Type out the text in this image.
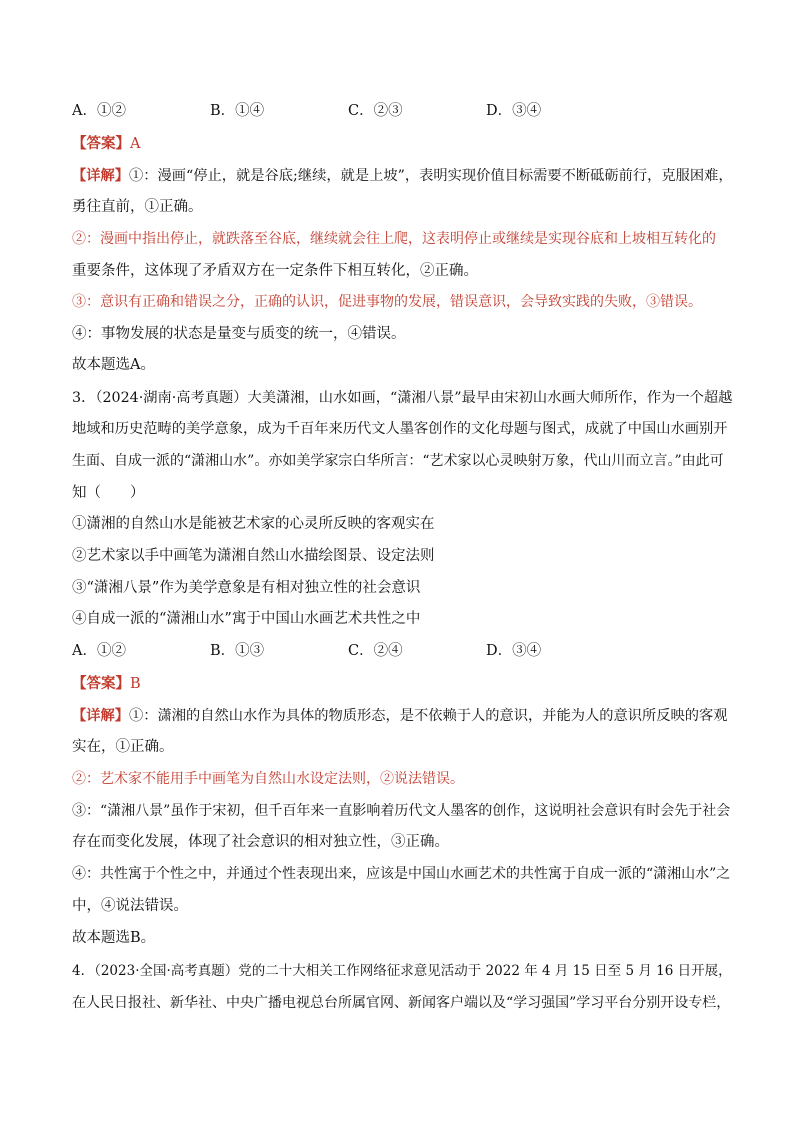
A．①②	B．①④	C．②③	D．③④
【答案】A
【详解】①：漫画“停止，就是谷底;继续，就是上坡”，表明实现价值目标需要不断砥砺前行，克服困难，
勇往直前，①正确。
②：漫画中指出停止，就跌落至谷底，继续就会往上爬，这表明停止或继续是实现谷底和上坡相互转化的
重要条件，这体现了矛盾双方在一定条件下相互转化，②正确。
③：意识有正确和错误之分，正确的认识，促进事物的发展，错误意识，会导致实践的失败，③错误。
④：事物发展的状态是量变与质变的统一，④错误。
故本题选A。
3．（2024·湖南·高考真题）大美潇湘，山水如画，“潇湘八景”最早由宋初山水画大师所作，作为一个超越
地域和历史范畴的美学意象，成为千百年来历代文人墨客创作的文化母题与图式，成就了中国山水画别开
生面、自成一派的“潇湘山水”。亦如美学家宗白华所言：“艺术家以心灵映射万象，代山川而立言。”由此可
知（　　）
①潇湘的自然山水是能被艺术家的心灵所反映的客观实在
②艺术家以手中画笔为潇湘自然山水描绘图景、设定法则
③“潇湘八景”作为美学意象是有相对独立性的社会意识
④自成一派的“潇湘山水”寓于中国山水画艺术共性之中
A．①②	B．①③	C．②④	D．③④
【答案】B
【详解】①：潇湘的自然山水作为具体的物质形态，是不依赖于人的意识，并能为人的意识所反映的客观
实在，①正确。
②：艺术家不能用手中画笔为自然山水设定法则，②说法错误。
③：“潇湘八景”虽作于宋初，但千百年来一直影响着历代文人墨客的创作，这说明社会意识有时会先于社会
存在而变化发展，体现了社会意识的相对独立性，③正确。
④：共性寓于个性之中，并通过个性表现出来，应该是中国山水画艺术的共性寓于自成一派的“潇湘山水”之
中，④说法错误。
故本题选B。
4．（2023·全国·高考真题）党的二十大相关工作网络征求意见活动于 2022 年 4 月 15 日至 5 月 16 日开展，
在人民日报社、新华社、中央广播电视总台所属官网、新闻客户端以及“学习强国”学习平台分别开设专栏，
